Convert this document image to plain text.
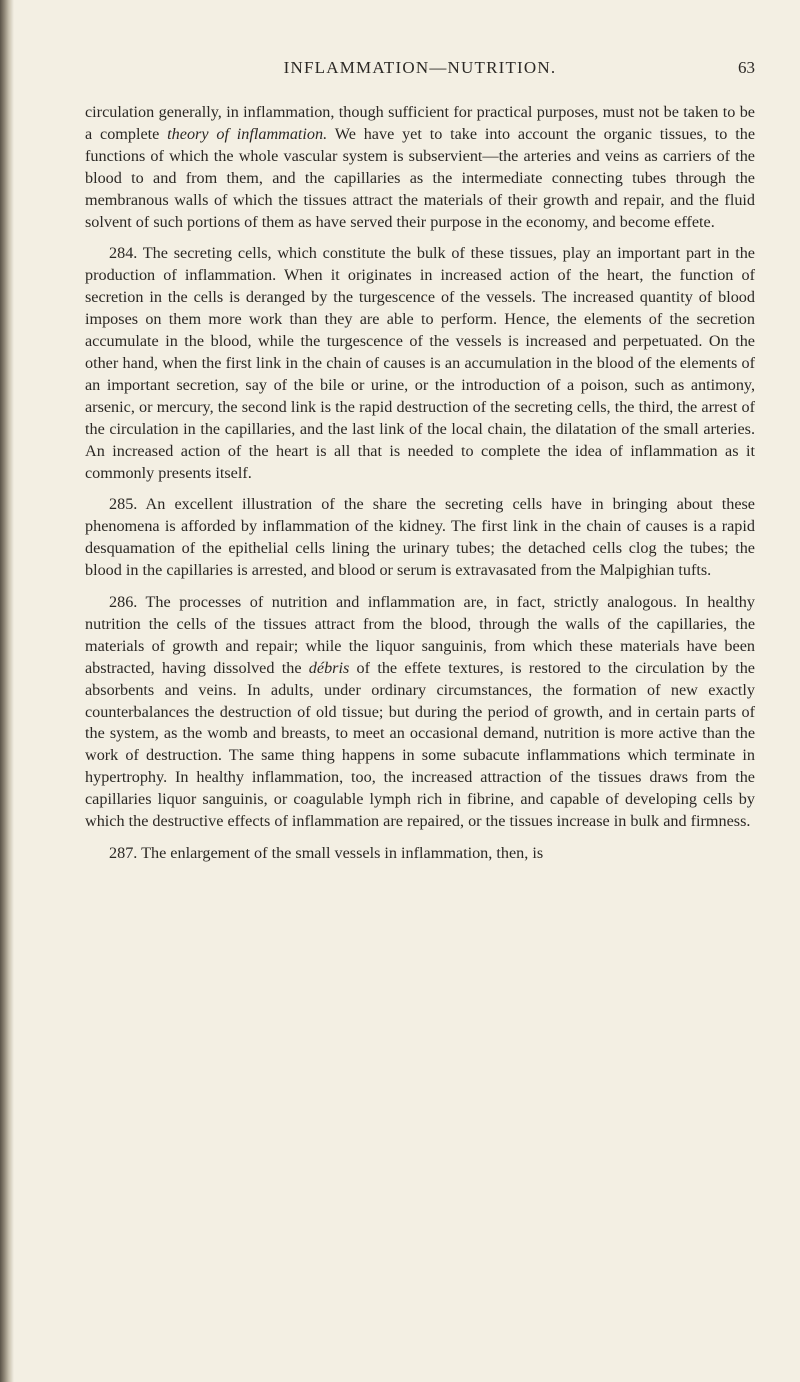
INFLAMMATION—NUTRITION.	63

circulation generally, in inflammation, though sufficient for practical purposes, must not be taken to be a complete theory of inflammation. We have yet to take into account the organic tissues, to the functions of which the whole vascular system is subservient—the arteries and veins as carriers of the blood to and from them, and the capillaries as the intermediate connecting tubes through the membranous walls of which the tissues attract the materials of their growth and repair, and the fluid solvent of such portions of them as have served their purpose in the economy, and become effete.

284. The secreting cells, which constitute the bulk of these tissues, play an important part in the production of inflammation. When it originates in increased action of the heart, the function of secretion in the cells is deranged by the turgescence of the vessels. The increased quantity of blood imposes on them more work than they are able to perform. Hence, the elements of the secretion accumulate in the blood, while the turgescence of the vessels is increased and perpetuated. On the other hand, when the first link in the chain of causes is an accumulation in the blood of the elements of an important secretion, say of the bile or urine, or the introduction of a poison, such as antimony, arsenic, or mercury, the second link is the rapid destruction of the secreting cells, the third, the arrest of the circulation in the capillaries, and the last link of the local chain, the dilatation of the small arteries. An increased action of the heart is all that is needed to complete the idea of inflammation as it commonly presents itself.

285. An excellent illustration of the share the secreting cells have in bringing about these phenomena is afforded by inflammation of the kidney. The first link in the chain of causes is a rapid desquamation of the epithelial cells lining the urinary tubes; the detached cells clog the tubes; the blood in the capillaries is arrested, and blood or serum is extravasated from the Malpighian tufts.

286. The processes of nutrition and inflammation are, in fact, strictly analogous. In healthy nutrition the cells of the tissues attract from the blood, through the walls of the capillaries, the materials of growth and repair; while the liquor sanguinis, from which these materials have been abstracted, having dissolved the débris of the effete textures, is restored to the circulation by the absorbents and veins. In adults, under ordinary circumstances, the formation of new exactly counterbalances the destruction of old tissue; but during the period of growth, and in certain parts of the system, as the womb and breasts, to meet an occasional demand, nutrition is more active than the work of destruction. The same thing happens in some subacute inflammations which terminate in hypertrophy. In healthy inflammation, too, the increased attraction of the tissues draws from the capillaries liquor sanguinis, or coagulable lymph rich in fibrine, and capable of developing cells by which the destructive effects of inflammation are repaired, or the tissues increase in bulk and firmness.

287. The enlargement of the small vessels in inflammation, then, is
